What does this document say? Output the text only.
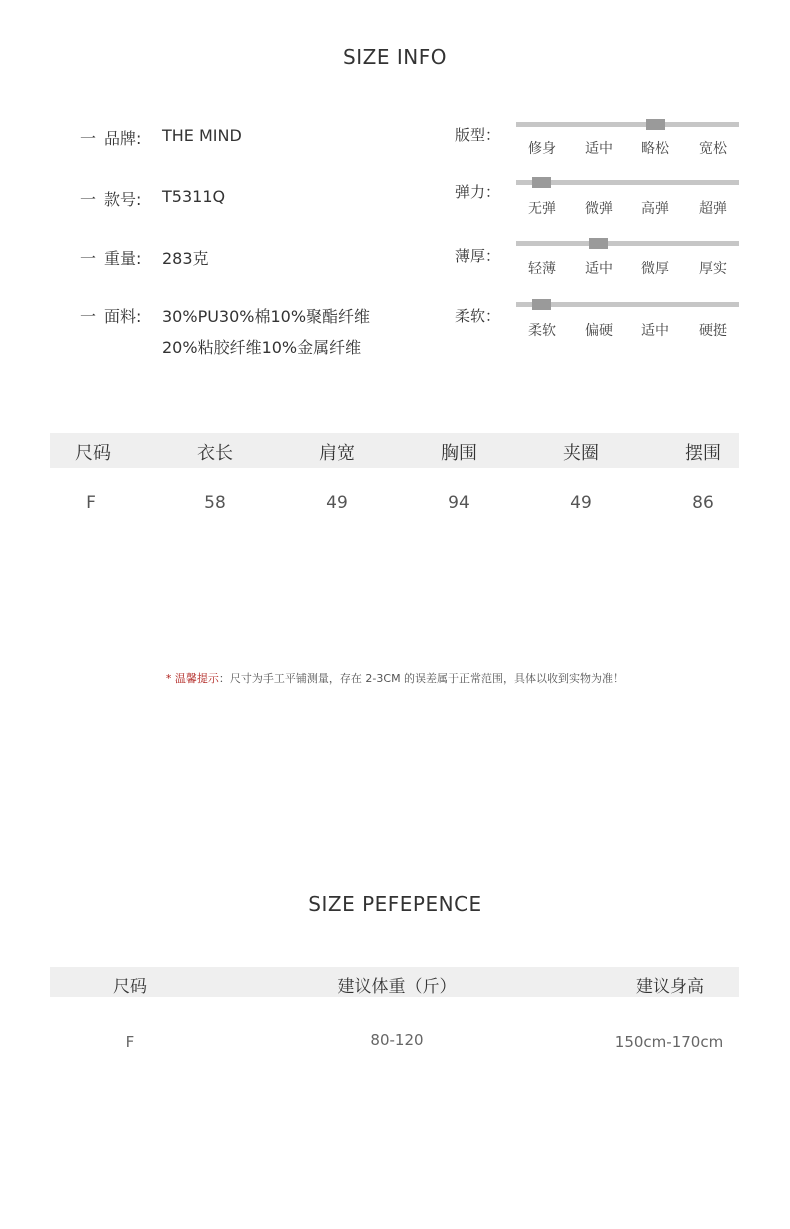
SIZE INFO
一 品牌:	THE MIND
一 款号:	T5311Q
一 重量:	283克
一 面料:	30%PU30%棉10%聚酯纤维
20%粘胶纤维10%金属纤维
版型：
修身	适中	略松	宽松
弹力：
无弹	微弹	高弹	超弹
薄厚：
轻薄	适中	微厚	厚实
柔软：
柔软	偏硬	适中	硬挺
尺码	衣长	肩宽	胸围	夹圈	摆围
F	58	49	94	49	86
* 温馨提示：尺寸为手工平铺测量，存在 2-3CM 的误差属于正常范围，具体以收到实物为准！
SIZE PEFEPENCE
尺码	建议体重（斤）	建议身高
F	80-120	150cm-170cm
